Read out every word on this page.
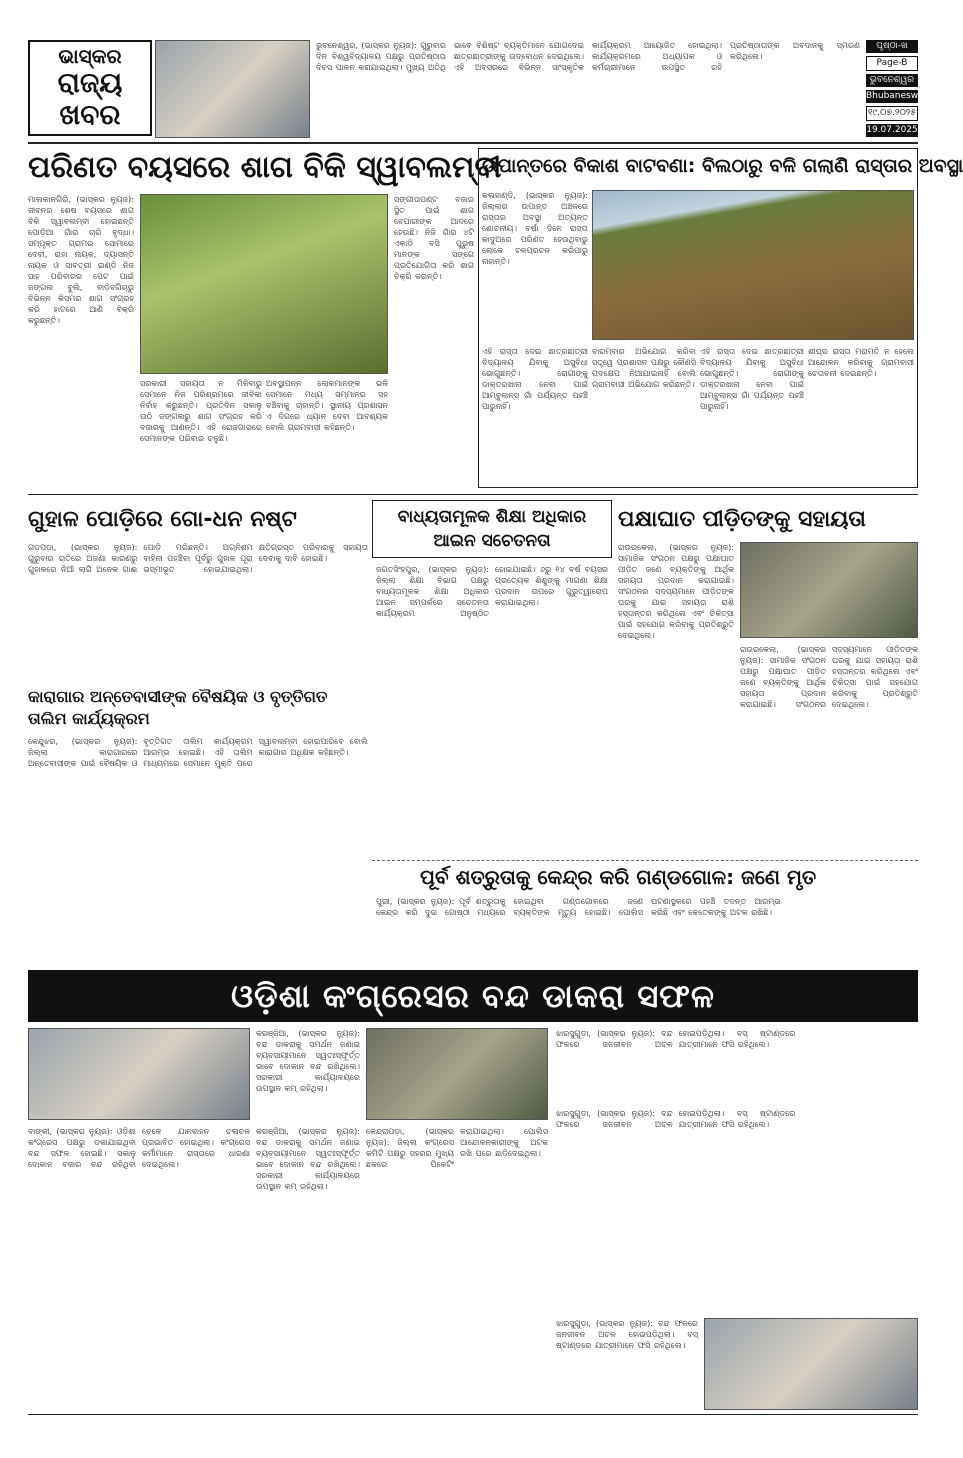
ଭାସ୍କର
ରାଜ୍ୟ
ଖବର
ଭୁବନେଶ୍ୱର, (ଭାସ୍କର ନ୍ୟୁଜ): ଗୁରୁବାର ଦିନ ବିଶ୍ୱବିଦ୍ୟାଳୟ ପକ୍ଷରୁ ପ୍ରତିଷ୍ଠାତା ଦିବସ ପାଳନ କରାଯାଇଥିଲା। ମୁଖ୍ୟ ଅତିଥି ଭାବେ ବିଶିଷ୍ଟ ବ୍ୟକ୍ତିମାନେ ଯୋଗଦେଇ ଛାତ୍ରଛାତ୍ରୀଙ୍କୁ ଉଦ୍ବୋଧନ ଦେଇଥିଲେ। ଏହି ଅବସରରେ ବିଭିନ୍ନ ସାଂସ୍କୃତିକ କାର୍ଯ୍ୟକ୍ରମ ଆୟୋଜିତ ହୋଇଥିଲା। କାର୍ଯ୍ୟକ୍ରମରେ ଅଧ୍ୟାପକ ଓ କର୍ମଚାରୀମାନେ ଉପସ୍ଥିତ ରହି ପ୍ରତିଷ୍ଠାତାଙ୍କ ଅବଦାନକୁ ସ୍ମରଣ କରିଥିଲେ।
ପୃଷ୍ଠା-ଖ
Page-B
ଭୁବନେଶ୍ୱର
Bhubaneswar
୧୯.୦୭.୨୦୨୫
19.07.2025
ପରିଣତ ବୟସରେ ଶାଗ ବିକି ସ୍ୱାବଲମ୍ବୀ
ମାଲକାନଗିରି, (ଭାସ୍କର ନ୍ୟୁଜ): ଜୀବନର ଶେଷ ବୟସରେ ଶାଗ ବିକି ସ୍ୱାବଲମ୍ବୀ ହୋଇଛନ୍ତି ପୋଡ଼ିଆ ଗାଁର ଚାରି ବୃଦ୍ଧା। ସମ୍ପୃକ୍ତ ଗ୍ରାମର ସୋମାରେ ଦେବୀ, ରାହା ନାୟକ, ଦ୍ୟାସନ୍ତି ନାୟକ ଓ ସାବତ୍ରୀ ଇଣ୍ଡି ନିଜ ସାହ ପରିବାରର ପେଟ ପାଇଁ ଜଙ୍ଗଲ ବୁଲି, ବାଡ଼ିବଗିଚାରୁ ବିଭିନ୍ନ କିସମର ଶାଗ ସଂଗ୍ରହ କରି ହାଟରେ ଆଣି ବିକ୍ରି କରୁଛନ୍ତି।
ସଙ୍ଗୀତାପଣ୍ଟ ବଜାର ସ୍ଥିତ ପାଇଁ ଶାଗ ବେପାରୀଙ୍କ ଆଦରେ ହେଉଛି। ନିଜି ଗାଁର ୪ଟି ଏକାଠି ବସି ପୁରୁଷ ମାନଙ୍କ ସଙ୍ଗେ ପ୍ରତିଯୋଗିତା କରି ଶାଗ ବିକ୍ରି କରନ୍ତି।
ସରକାରୀ ସହାୟତା ନ ମିଳିବାରୁ ସେମାନେ ନିଜ ପରିଶ୍ରମରେ ଜୀବିକା ନିର୍ବାହ କରୁଛନ୍ତି। ପ୍ରତିଦିନ ସକାଳୁ ଉଠି ଜଙ୍ଗଲରୁ ଶାଗ ସଂଗ୍ରହ କରି ବଜାରକୁ ଆଣନ୍ତି। ଏହି ରୋଜଗାରରେ ସେମାନଙ୍କ ପରିବାର ଚଳୁଛି।
ଅବସ୍ଥାପନ୍ନ ଲୋକମାନଙ୍କ ଭଳି ସେମାନେ ମଧ୍ୟ ସମ୍ମାନର ସହ ବଞ୍ଚିବାକୁ ଚାହାନ୍ତି। ସ୍ଥାନୀୟ ପ୍ରଶାସନ ଏ ଦିଗରେ ଧ୍ୟାନ ଦେବା ଆବଶ୍ୟକ ବୋଲି ଗ୍ରାମବାସୀ କହିଛନ୍ତି।
ଉପାନ୍ତରେ ବିକାଶ ବାଟବଣା: ବିଲଠାରୁ ବଳି ଗଲାଣି ରାସ୍ତାର ଅବସ୍ଥା
କଳାହାଣ୍ଡି, (ଭାସ୍କର ନ୍ୟୁଜ): ଜିଲ୍ଲାର ଉପାନ୍ତ ଅଞ୍ଚଳରେ ରାସ୍ତାର ଅବସ୍ଥା ଅତ୍ୟନ୍ତ ଶୋଚନୀୟ। ବର୍ଷା ଦିନେ ରାସ୍ତା କାଦୁଅରେ ପରିଣତ ହେଉଥିବାରୁ ଲୋକେ ଚଳପ୍ରଚଳ କରିପାରୁ ନାହାନ୍ତି।
ଏହି ରାସ୍ତା ଦେଇ ଛାତ୍ରଛାତ୍ରୀ ବିଦ୍ୟାଳୟ ଯିବାକୁ ଅସୁବିଧା ଭୋଗୁଛନ୍ତି। ରୋଗୀଙ୍କୁ ଡାକ୍ତରଖାନା ନେବା ପାଇଁ ଆମ୍ବୁଲାନ୍ସ ଗାଁ ପର୍ଯ୍ୟନ୍ତ ପହଞ୍ଚି ପାରୁନାହିଁ।
ବାରମ୍ବାର ଅଭିଯୋଗ କରିବା ସତ୍ତ୍ୱେ ପ୍ରଶାସନ ପକ୍ଷରୁ କୌଣସି ପଦକ୍ଷେପ ନିଆଯାଇନାହିଁ ବୋଲି ଗ୍ରାମବାସୀ ଅଭିଯୋଗ କରିଛନ୍ତି।
ଏହି ରାସ୍ତା ଦେଇ ଛାତ୍ରଛାତ୍ରୀ ବିଦ୍ୟାଳୟ ଯିବାକୁ ଅସୁବିଧା ଭୋଗୁଛନ୍ତି। ରୋଗୀଙ୍କୁ ଡାକ୍ତରଖାନା ନେବା ପାଇଁ ଆମ୍ବୁଲାନ୍ସ ଗାଁ ପର୍ଯ୍ୟନ୍ତ ପହଞ୍ଚି ପାରୁନାହିଁ।
ଶୀଘ୍ର ରାସ୍ତା ମରାମତି ନ ହେଲେ ଆନ୍ଦୋଳନ କରିବାକୁ ଗ୍ରାମବାସୀ ଚେତାବନୀ ଦେଇଛନ୍ତି।
ଗୁହାଳ ପୋଡ଼ିରେ ଗୋ-ଧନ ନଷ୍ଟ
ଗଡ଼ପଡ଼ା, (ଭାସ୍କର ନ୍ୟୁଜ): ଗୁରୁବାର ରାତିରେ ଅଜଣା କାରଣରୁ ଗୁହାଳରେ ନିଆଁ ଲାଗି ଅନେକ ଗାଈ ପୋଡ଼ି ମରିଛନ୍ତି। ଅଗ୍ନିଶମ ବାହିନୀ ପହଞ୍ଚିବା ପୂର୍ବରୁ ଗୁହାଳ ପୂରା ଭସ୍ମୀଭୂତ ହୋଇଯାଇଥିଲା। କ୍ଷତିଗ୍ରସ୍ତ ପରିବାରକୁ ସହାୟତା ଦେବାକୁ ଦାବି ହୋଇଛି।
କାରାଗାର ଅନ୍ତେବାସୀଙ୍କ ବୈଷୟିକ ଓ ବୃତ୍ତିଗତ ତାଲିମ କାର୍ଯ୍ୟକ୍ରମ
କେନ୍ଦୁଝର, (ଭାସ୍କର ନ୍ୟୁଜ): ଜିଲ୍ଲା କାରାଗାରରେ ଅନ୍ତେବାସୀଙ୍କ ପାଇଁ ବୈଷୟିକ ଓ ବୃତ୍ତିଗତ ତାଲିମ କାର୍ଯ୍ୟକ୍ରମ ଆରମ୍ଭ ହୋଇଛି। ଏହି ତାଲିମ ମାଧ୍ୟମରେ ସେମାନେ ମୁକ୍ତି ପରେ ସ୍ୱାବଲମ୍ବୀ ହୋଇପାରିବେ ବୋଲି କାରାଗାର ଅଧିକ୍ଷକ କହିଛନ୍ତି।
ବାଧ୍ୟତାମୂଳକ ଶିକ୍ଷା ଅଧିକାର
ଆଇନ ସଚେତନତା
ଜଗତସିଂହପୁର, (ଭାସ୍କର ନ୍ୟୁଜ): ଜିଲ୍ଲା ଶିକ୍ଷା ବିଭାଗ ପକ୍ଷରୁ ବାଧ୍ୟତାମୂଳକ ଶିକ୍ଷା ଅଧିକାର ଆଇନ ସମ୍ପର୍କରେ ସଚେତନତା କାର୍ଯ୍ୟକ୍ରମ ଅନୁଷ୍ଠିତ ହୋଇଯାଇଛି। ୬ରୁ ୧୪ ବର୍ଷ ବୟସର ପ୍ରତ୍ୟେକ ଶିଶୁଙ୍କୁ ମାଗଣା ଶିକ୍ଷା ପ୍ରଦାନ ଉପରେ ଗୁରୁତ୍ୱାରୋପ କରାଯାଇଥିଲା।
ପକ୍ଷାଘାତ ପୀଡ଼ିତଙ୍କୁ ସହାୟତା
ରାଉରକେଲା, (ଭାସ୍କର ନ୍ୟୁଜ): ସାମାଜିକ ସଂଗଠନ ପକ୍ଷରୁ ପକ୍ଷାଘାତ ପୀଡ଼ିତ ଜଣେ ବ୍ୟକ୍ତିଙ୍କୁ ଆର୍ଥିକ ସହାୟତା ପ୍ରଦାନ କରାଯାଇଛି। ସଂଗଠନର ସଦସ୍ୟମାନେ ପୀଡ଼ିତଙ୍କ ଘରକୁ ଯାଇ ସହାୟତା ରାଶି ହସ୍ତାନ୍ତର କରିଥିଲେ ଏବଂ ଚିକିତ୍ସା ପାଇଁ ସହଯୋଗ କରିବାକୁ ପ୍ରତିଶ୍ରୁତି ଦେଇଥିଲେ।
ରାଉରକେଲା, (ଭାସ୍କର ନ୍ୟୁଜ): ସାମାଜିକ ସଂଗଠନ ପକ୍ଷରୁ ପକ୍ଷାଘାତ ପୀଡ଼ିତ ଜଣେ ବ୍ୟକ୍ତିଙ୍କୁ ଆର୍ଥିକ ସହାୟତା ପ୍ରଦାନ କରାଯାଇଛି। ସଂଗଠନର ସଦସ୍ୟମାନେ ପୀଡ଼ିତଙ୍କ ଘରକୁ ଯାଇ ସହାୟତା ରାଶି ହସ୍ତାନ୍ତର କରିଥିଲେ ଏବଂ ଚିକିତ୍ସା ପାଇଁ ସହଯୋଗ କରିବାକୁ ପ୍ରତିଶ୍ରୁତି ଦେଇଥିଲେ।
ପୂର୍ବ ଶତ୍ରୁତାକୁ କେନ୍ଦ୍ର କରି ଗଣ୍ଡଗୋଳ: ଜଣେ ମୃତ
ପୁରୀ, (ଭାସ୍କର ନ୍ୟୁଜ): ପୂର୍ବ ଶତ୍ରୁତାକୁ କେନ୍ଦ୍ର କରି ଦୁଇ ଗୋଷ୍ଠୀ ମଧ୍ୟରେ ହୋଇଥିବା ଗଣ୍ଡଗୋଳରେ ଜଣେ ବ୍ୟକ୍ତିଙ୍କ ମୃତ୍ୟୁ ହୋଇଛି। ପୋଲିସ ଘଟଣାସ୍ଥଳରେ ପହଞ୍ଚି ତଦନ୍ତ ଆରମ୍ଭ କରିଛି ଏବଂ କେତେକଙ୍କୁ ଅଟକ ରଖିଛି।
ଓଡ଼ିଶା କଂଗ୍ରେସର ବନ୍ଦ ଡାକରା ସଫଳ
କରଞ୍ଜିଆ, (ଭାସ୍କର ନ୍ୟୁଜ): ବନ୍ଦ ଡାକରାକୁ ସମର୍ଥନ ଜଣାଇ ବ୍ୟବସାୟୀମାନେ ସ୍ୱତଃସ୍ଫୂର୍ତ୍ତ ଭାବେ ଦୋକାନ ବନ୍ଦ ରଖିଥିଲେ। ସରକାରୀ କାର୍ଯ୍ୟାଳୟରେ ଉପସ୍ଥାନ କମ୍ ରହିଥିଲା।
ଝାରସୁଗୁଡ଼ା, (ଭାସ୍କର ନ୍ୟୁଜ): ବନ୍ଦ ଫଳରେ ଜନଜୀବନ ଅଚଳ ହୋଇପଡ଼ିଥିଲା। ବସ୍ ଷ୍ଟାଣ୍ଡରେ ଯାତ୍ରୀମାନେ ଫସି ରହିଥିଲେ।
ବାଙ୍କୀ, (ଭାସ୍କର ନ୍ୟୁଜ): ଓଡ଼ିଶା କଂଗ୍ରେସ ପକ୍ଷରୁ ଡକାଯାଇଥିବା ବନ୍ଦ ସଫଳ ହୋଇଛି। ସକାଳୁ ଦୋକାନ ବଜାର ବନ୍ଦ ରହିଥିବା ବେଳେ ଯାନବାହନ ଚଳାଚଳ ପ୍ରଭାବିତ ହୋଇଥିଲା। କଂଗ୍ରେସ କର୍ମୀମାନେ ରାସ୍ତାରେ ଧାରଣା ଦେଇଥିଲେ।
କରଞ୍ଜିଆ, (ଭାସ୍କର ନ୍ୟୁଜ): ବନ୍ଦ ଡାକରାକୁ ସମର୍ଥନ ଜଣାଇ ବ୍ୟବସାୟୀମାନେ ସ୍ୱତଃସ୍ଫୂର୍ତ୍ତ ଭାବେ ଦୋକାନ ବନ୍ଦ ରଖିଥିଲେ। ସରକାରୀ କାର୍ଯ୍ୟାଳୟରେ ଉପସ୍ଥାନ କମ୍ ରହିଥିଲା।
କେନ୍ଦ୍ରାପଡ଼ା, (ଭାସ୍କର ନ୍ୟୁଜ): ଜିଲ୍ଲା କଂଗ୍ରେସ କମିଟି ପକ୍ଷରୁ ସହରର ମୁଖ୍ୟ ଛକରେ ପିକେଟିଂ କରାଯାଇଥିଲା। ପୋଲିସ ଆନ୍ଦୋଳନକାରୀଙ୍କୁ ଅଟକ ରଖି ପରେ ଛାଡ଼ିଦେଇଥିଲା।
ଝାରସୁଗୁଡ଼ା, (ଭାସ୍କର ନ୍ୟୁଜ): ବନ୍ଦ ଫଳରେ ଜନଜୀବନ ଅଚଳ ହୋଇପଡ଼ିଥିଲା। ବସ୍ ଷ୍ଟାଣ୍ଡରେ ଯାତ୍ରୀମାନେ ଫସି ରହିଥିଲେ।
ଝାରସୁଗୁଡ଼ା, (ଭାସ୍କର ନ୍ୟୁଜ): ବନ୍ଦ ଫଳରେ ଜନଜୀବନ ଅଚଳ ହୋଇପଡ଼ିଥିଲା। ବସ୍ ଷ୍ଟାଣ୍ଡରେ ଯାତ୍ରୀମାନେ ଫସି ରହିଥିଲେ।
